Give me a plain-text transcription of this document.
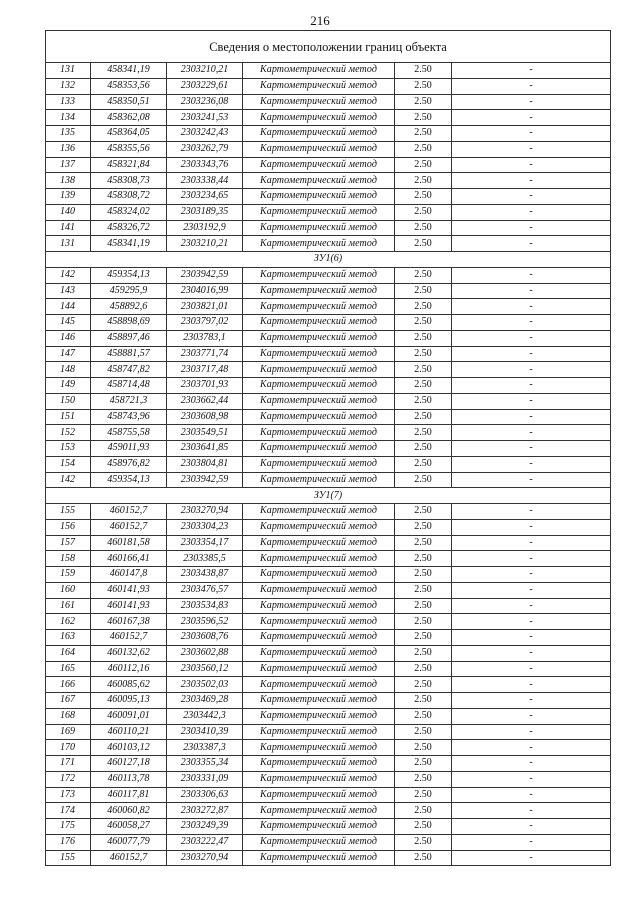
216
Сведения о местоположении границ объекта					
131	458341,19	2303210,21	Картометрический метод	2.50	-
132	458353,56	2303229,61	Картометрический метод	2.50	-
133	458350,51	2303236,08	Картометрический метод	2.50	-
134	458362,08	2303241,53	Картометрический метод	2.50	-
135	458364,05	2303242,43	Картометрический метод	2.50	-
136	458355,56	2303262,79	Картометрический метод	2.50	-
137	458321,84	2303343,76	Картометрический метод	2.50	-
138	458308,73	2303338,44	Картометрический метод	2.50	-
139	458308,72	2303234,65	Картометрический метод	2.50	-
140	458324,02	2303189,35	Картометрический метод	2.50	-
141	458326,72	2303192,9	Картометрический метод	2.50	-
131	458341,19	2303210,21	Картометрический метод	2.50	-
ЗУ1(6)					
142	459354,13	2303942,59	Картометрический метод	2.50	-
143	459295,9	2304016,99	Картометрический метод	2.50	-
144	458892,6	2303821,01	Картометрический метод	2.50	-
145	458898,69	2303797,02	Картометрический метод	2.50	-
146	458897,46	2303783,1	Картометрический метод	2.50	-
147	458881,57	2303771,74	Картометрический метод	2.50	-
148	458747,82	2303717,48	Картометрический метод	2.50	-
149	458714,48	2303701,93	Картометрический метод	2.50	-
150	458721,3	2303662,44	Картометрический метод	2.50	-
151	458743,96	2303608,98	Картометрический метод	2.50	-
152	458755,58	2303549,51	Картометрический метод	2.50	-
153	459011,93	2303641,85	Картометрический метод	2.50	-
154	458976,82	2303804,81	Картометрический метод	2.50	-
142	459354,13	2303942,59	Картометрический метод	2.50	-
ЗУ1(7)					
155	460152,7	2303270,94	Картометрический метод	2.50	-
156	460152,7	2303304,23	Картометрический метод	2.50	-
157	460181,58	2303354,17	Картометрический метод	2.50	-
158	460166,41	2303385,5	Картометрический метод	2.50	-
159	460147,8	2303438,87	Картометрический метод	2.50	-
160	460141,93	2303476,57	Картометрический метод	2.50	-
161	460141,93	2303534,83	Картометрический метод	2.50	-
162	460167,38	2303596,52	Картометрический метод	2.50	-
163	460152,7	2303608,76	Картометрический метод	2.50	-
164	460132,62	2303602,88	Картометрический метод	2.50	-
165	460112,16	2303560,12	Картометрический метод	2.50	-
166	460085,62	2303502,03	Картометрический метод	2.50	-
167	460095,13	2303469,28	Картометрический метод	2.50	-
168	460091,01	2303442,3	Картометрический метод	2.50	-
169	460110,21	2303410,39	Картометрический метод	2.50	-
170	460103,12	2303387,3	Картометрический метод	2.50	-
171	460127,18	2303355,34	Картометрический метод	2.50	-
172	460113,78	2303331,09	Картометрический метод	2.50	-
173	460117,81	2303306,63	Картометрический метод	2.50	-
174	460060,82	2303272,87	Картометрический метод	2.50	-
175	460058,27	2303249,39	Картометрический метод	2.50	-
176	460077,79	2303222,47	Картометрический метод	2.50	-
155	460152,7	2303270,94	Картометрический метод	2.50	-
